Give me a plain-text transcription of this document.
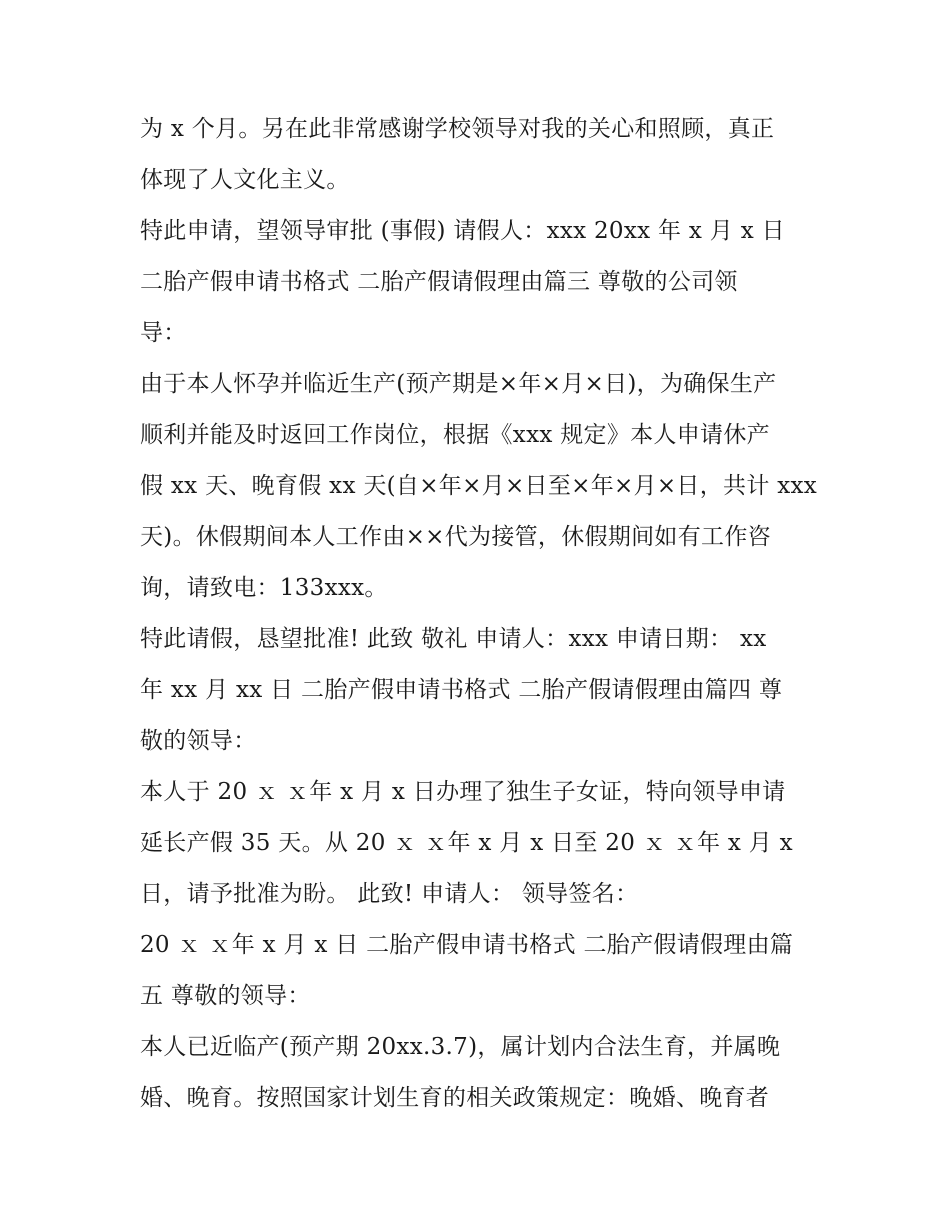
为 x 个月。另在此非常感谢学校领导对我的关心和照顾，真正
体现了人文化主义。
特此申请，望领导审批 (事假) 请假人：xxx 20xx 年 x 月 x 日
二胎产假申请书格式 二胎产假请假理由篇三 尊敬的公司领
导：
由于本人怀孕并临近生产(预产期是×年×月×日)，为确保生产
顺利并能及时返回工作岗位，根据《xxx 规定》本人申请休产
假 xx 天、晚育假 xx 天(自×年×月×日至×年×月×日，共计 xxx
天)。休假期间本人工作由××代为接管，休假期间如有工作咨
询，请致电：133xxx。
特此请假，恳望批准! 此致 敬礼 申请人：xxx 申请日期： xx
年 xx 月 xx 日 二胎产假申请书格式 二胎产假请假理由篇四 尊
敬的领导：
本人于 20 ｘ ｘ年 x 月 x 日办理了独生子女证，特向领导申请
延长产假 35 天。从 20 ｘ ｘ年 x 月 x 日至 20 ｘ ｘ年 x 月 x
日，请予批准为盼。 此致! 申请人： 领导签名：
20 ｘ ｘ年 x 月 x 日 二胎产假申请书格式 二胎产假请假理由篇
五 尊敬的领导：
本人已近临产(预产期 20xx.3.7)，属计划内合法生育，并属晚
婚、晚育。按照国家计划生育的相关政策规定：晚婚、晚育者
